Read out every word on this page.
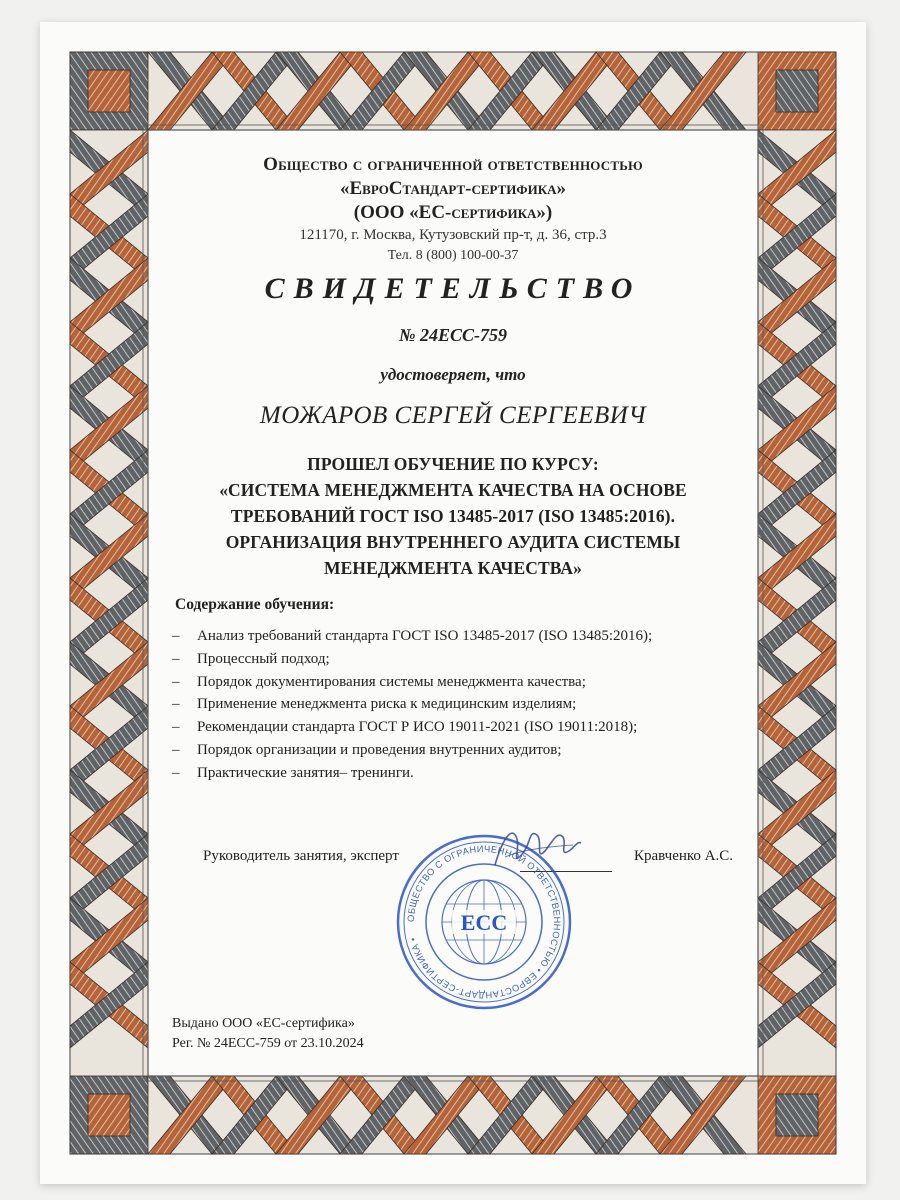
Общество с ограниченной ответственностью
«ЕвроСтандарт-сертифика»
(ООО «ЕС-сертифика»)
121170, г. Москва, Кутузовский пр-т, д. 36, стр.3
Тел. 8 (800) 100-00-37
СВИДЕТЕЛЬСТВО
№ 24ЕСС-759
удостоверяет, что
МОЖАРОВ СЕРГЕЙ СЕРГЕЕВИЧ
ПРОШЕЛ ОБУЧЕНИЕ ПО КУРСУ:
«СИСТЕМА МЕНЕДЖМЕНТА КАЧЕСТВА НА ОСНОВЕ
ТРЕБОВАНИЙ ГОСТ ISO 13485-2017 (ISO 13485:2016).
ОРГАНИЗАЦИЯ ВНУТРЕННЕГО АУДИТА СИСТЕМЫ
МЕНЕДЖМЕНТА КАЧЕСТВА»
Содержание обучения:
– Анализ требований стандарта ГОСТ ISO 13485-2017 (ISO 13485:2016);
– Процессный подход;
– Порядок документирования системы менеджмента качества;
– Применение менеджмента риска к медицинским изделиям;
– Рекомендации стандарта ГОСТ Р ИСО 19011-2021 (ISO 19011:2018);
– Порядок организации и проведения внутренних аудитов;
– Практические занятия– тренинги.
Руководитель занятия, эксперт	Кравченко А.С.
ЕСС
ОБЩЕСТВО С ОГРАНИЧЕННОЙ ОТВЕТСТВЕННОСТЬЮ • ЕВРОСТАНДАРТ-СЕРТИФИКА •
Выдано ООО «ЕС-сертифика»
Рег. № 24ЕСС-759 от 23.10.2024
